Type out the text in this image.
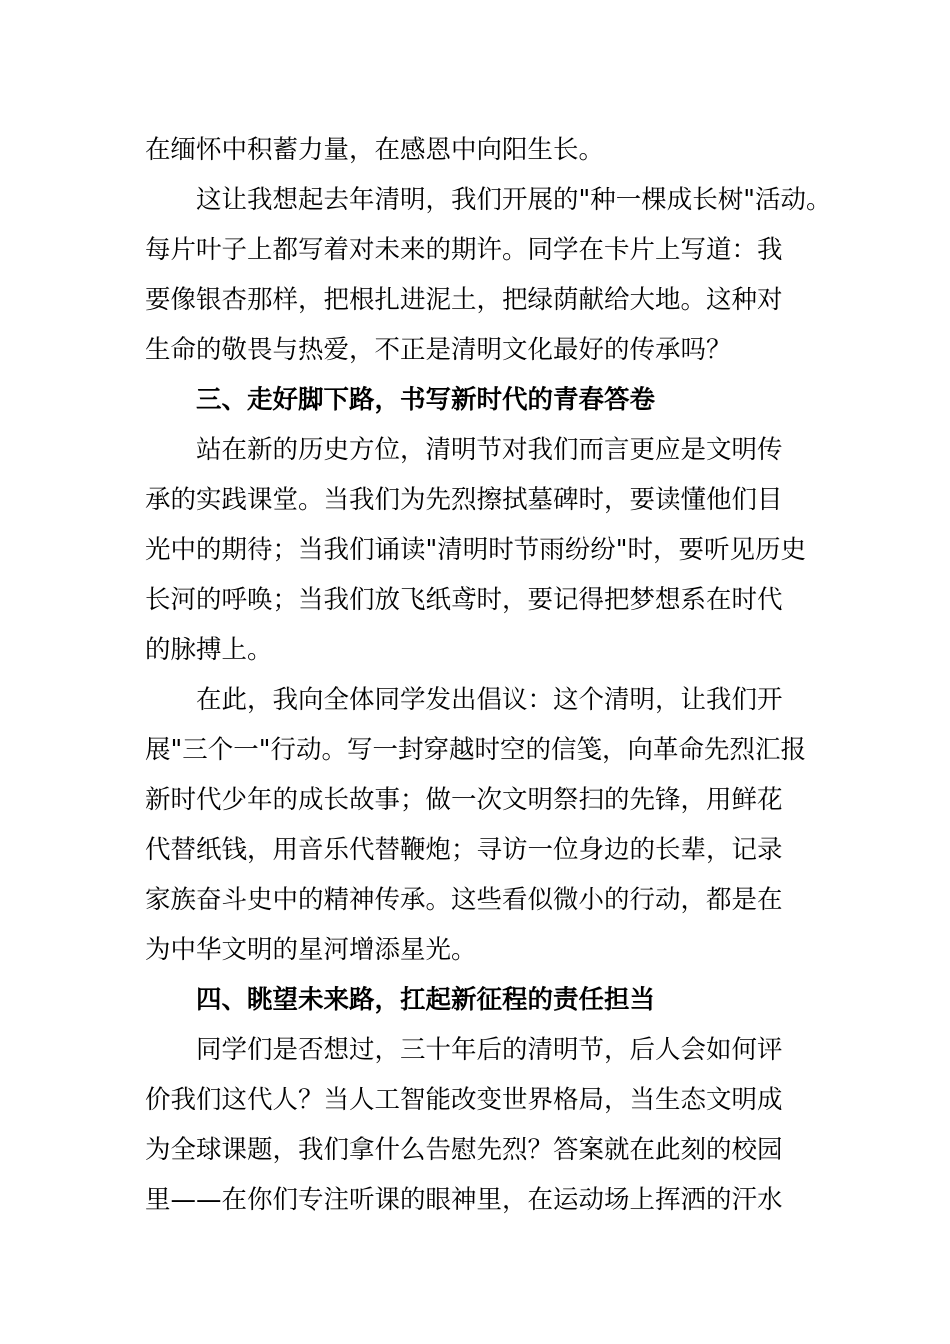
在缅怀中积蓄力量，在感恩中向阳生长。
这让我想起去年清明，我们开展的"种一棵成长树"活动。
每片叶子上都写着对未来的期许。同学在卡片上写道：我
要像银杏那样，把根扎进泥土，把绿荫献给大地。这种对
生命的敬畏与热爱，不正是清明文化最好的传承吗？
三、走好脚下路，书写新时代的青春答卷
站在新的历史方位，清明节对我们而言更应是文明传
承的实践课堂。当我们为先烈擦拭墓碑时，要读懂他们目
光中的期待；当我们诵读"清明时节雨纷纷"时，要听见历史
长河的呼唤；当我们放飞纸鸢时，要记得把梦想系在时代
的脉搏上。
在此，我向全体同学发出倡议：这个清明，让我们开
展"三个一"行动。写一封穿越时空的信笺，向革命先烈汇报
新时代少年的成长故事；做一次文明祭扫的先锋，用鲜花
代替纸钱，用音乐代替鞭炮；寻访一位身边的长辈，记录
家族奋斗史中的精神传承。这些看似微小的行动，都是在
为中华文明的星河增添星光。
四、眺望未来路，扛起新征程的责任担当
同学们是否想过，三十年后的清明节，后人会如何评
价我们这代人？当人工智能改变世界格局，当生态文明成
为全球课题，我们拿什么告慰先烈？答案就在此刻的校园
里——在你们专注听课的眼神里，在运动场上挥洒的汗水
